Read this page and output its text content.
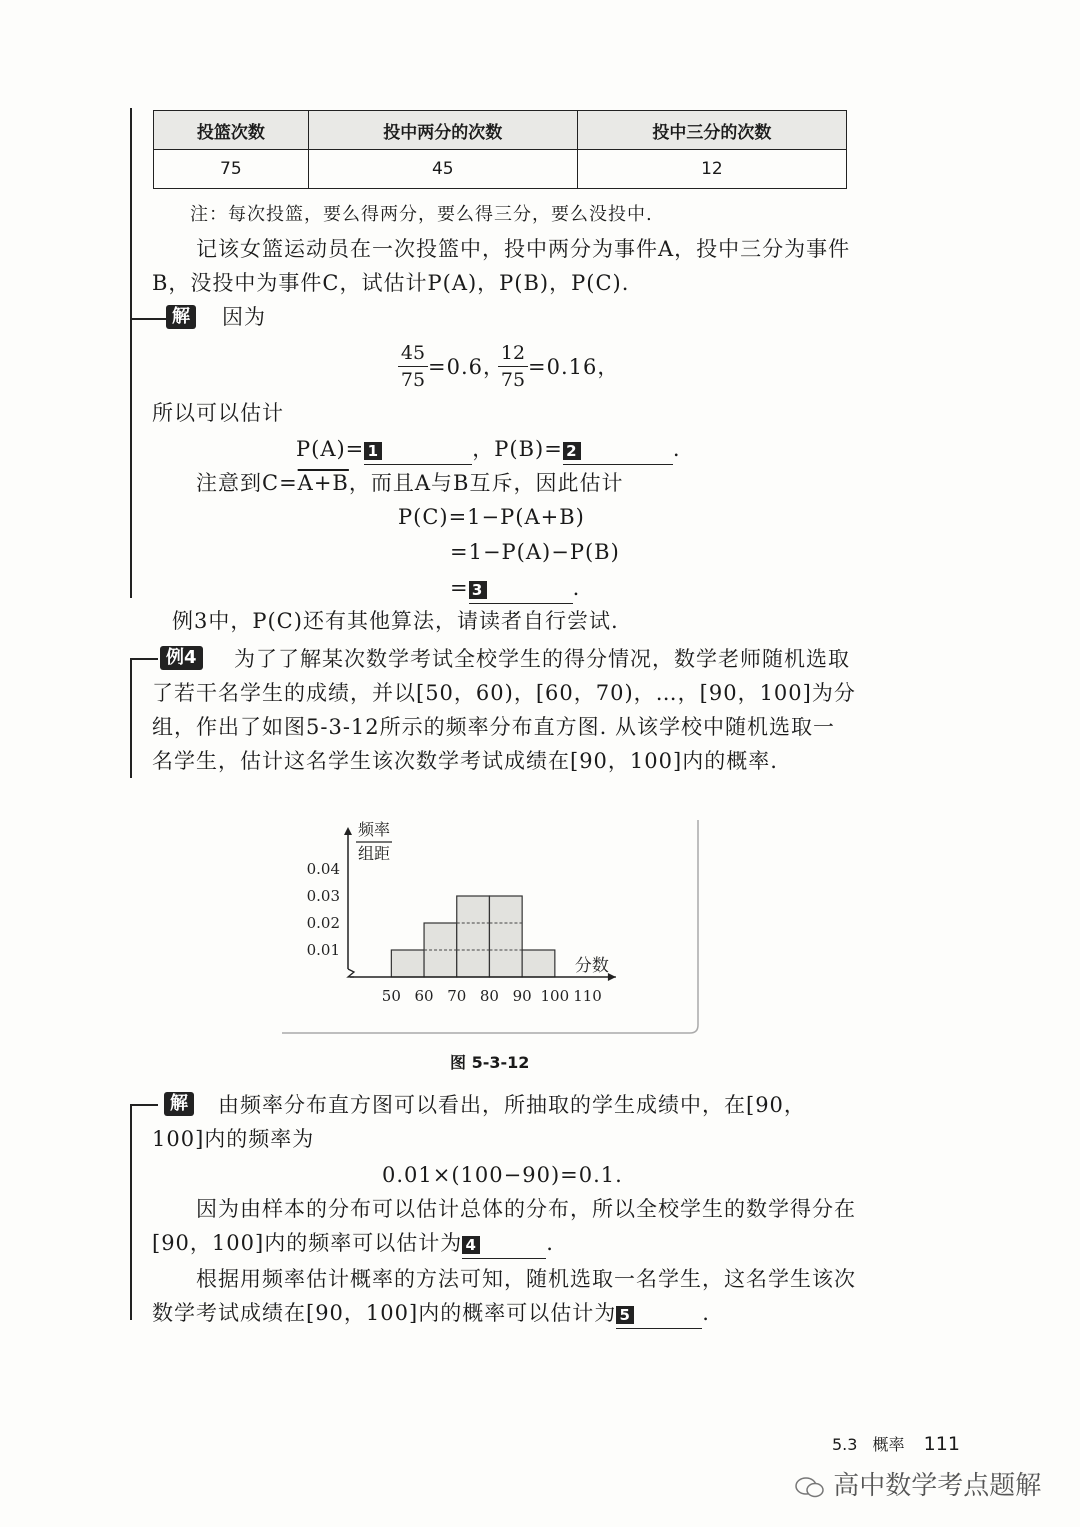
投篮次数	投中两分的次数	投中三分的次数
75	45	12
注：每次投篮，要么得两分，要么得三分，要么没投中.
记该女篮运动员在一次投篮中，投中两分为事件A，投中三分为事件
B，没投中为事件C，试估计P(A)，P(B)，P(C).
解 因为
45
75
=0.6，
12
75
=0.16，
所以可以估计
P(A)= 1	，P(B)= 2	.
注意到C=A+B，而且A与B互斥，因此估计
P(C)=1−P(A+B)
=1−P(A)−P(B)
= 3	.
例3中，P(C)还有其他算法，请读者自行尝试.
例4 为了了解某次数学考试全校学生的得分情况，数学老师随机选取
了若干名学生的成绩，并以[50，60)，[60，70)，…，[90，100]为分
组，作出了如图5-3-12所示的频率分布直方图. 从该学校中随机选取一
名学生，估计这名学生该次数学考试成绩在[90，100]内的概率.
50 60 70 80 90 100 110
0.04
0.03
0.02
0.01
频率
组距
分数
图 5-3-12
解 由频率分布直方图可以看出，所抽取的学生成绩中，在[90，
100]内的频率为
0.01×(100−90)=0.1.
因为由样本的分布可以估计总体的分布，所以全校学生的数学得分在
[90，100]内的频率可以估计为 4	.
根据用频率估计概率的方法可知，随机选取一名学生，这名学生该次
数学考试成绩在[90，100]内的概率可以估计为 5	.
5.3 概率 111
高中数学考点题解
